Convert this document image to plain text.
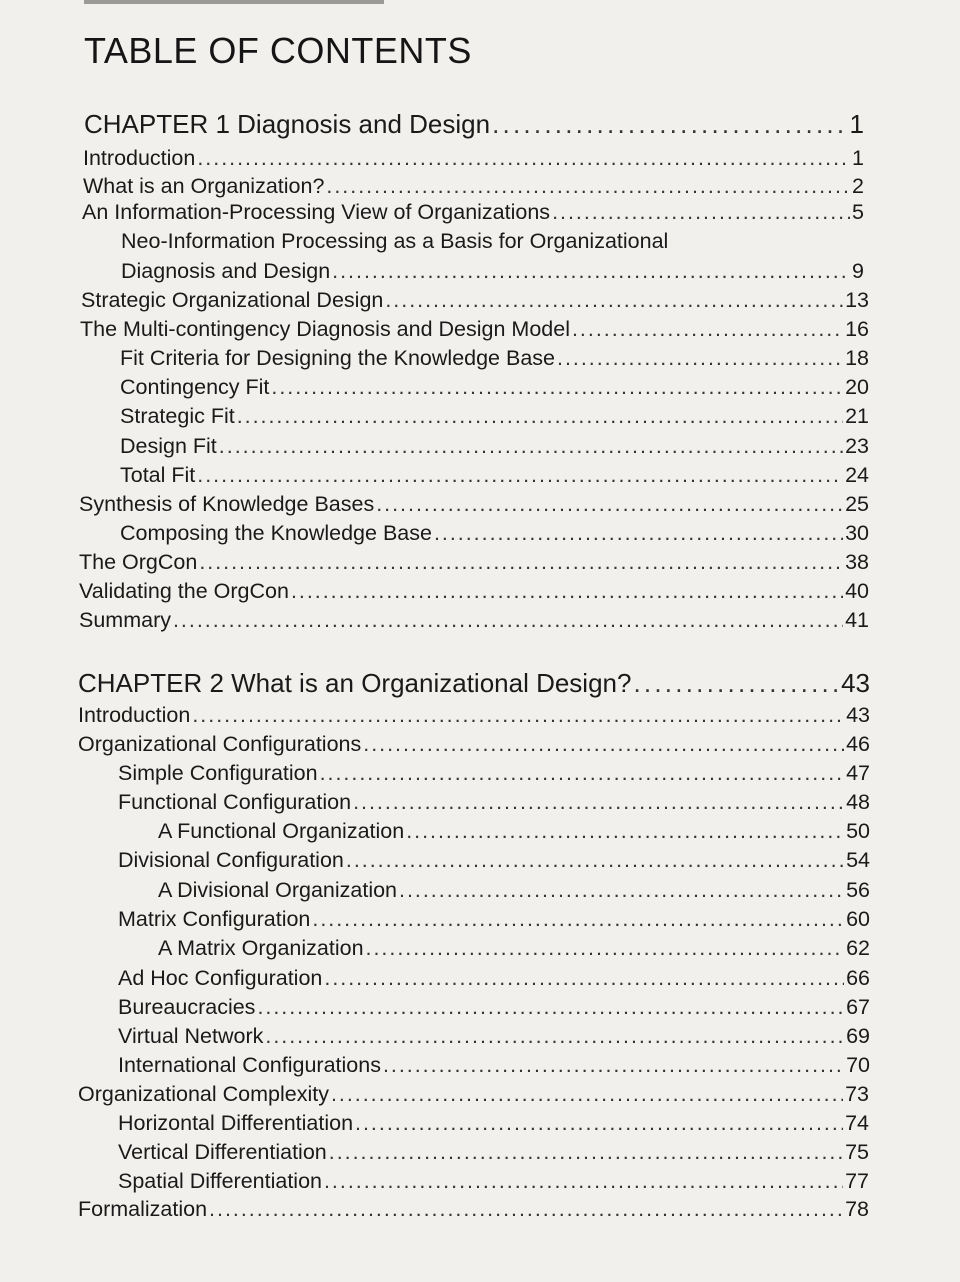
TABLE OF CONTENTS
CHAPTER 1 Diagnosis and Design . . .	1
Introduction . . .	1
What is an Organization? . . .	2
An Information-Processing View of Organizations . . .	5
Neo-Information Processing as a Basis for Organizational
Diagnosis and Design . . .	9
Strategic Organizational Design . . .	13
The Multi-contingency Diagnosis and Design Model . . .	16
Fit Criteria for Designing the Knowledge Base . . .	18
Contingency Fit . . .	20
Strategic Fit . . .	21
Design Fit . . .	23
Total Fit . . .	24
Synthesis of Knowledge Bases . . .	25
Composing the Knowledge Base . . .	30
The OrgCon . . .	38
Validating the OrgCon . . .	40
Summary . . .	41
CHAPTER 2 What is an Organizational Design? . . .	43
Introduction . . .	43
Organizational Configurations . . .	46
Simple Configuration . . .	47
Functional Configuration . . .	48
A Functional Organization . . .	50
Divisional Configuration . . .	54
A Divisional Organization . . .	56
Matrix Configuration . . .	60
A Matrix Organization . . .	62
Ad Hoc Configuration . . .	66
Bureaucracies . . .	67
Virtual Network . . .	69
International Configurations . . .	70
Organizational Complexity . . .	73
Horizontal Differentiation . . .	74
Vertical Differentiation . . .	75
Spatial Differentiation . . .	77
Formalization . . .	78
